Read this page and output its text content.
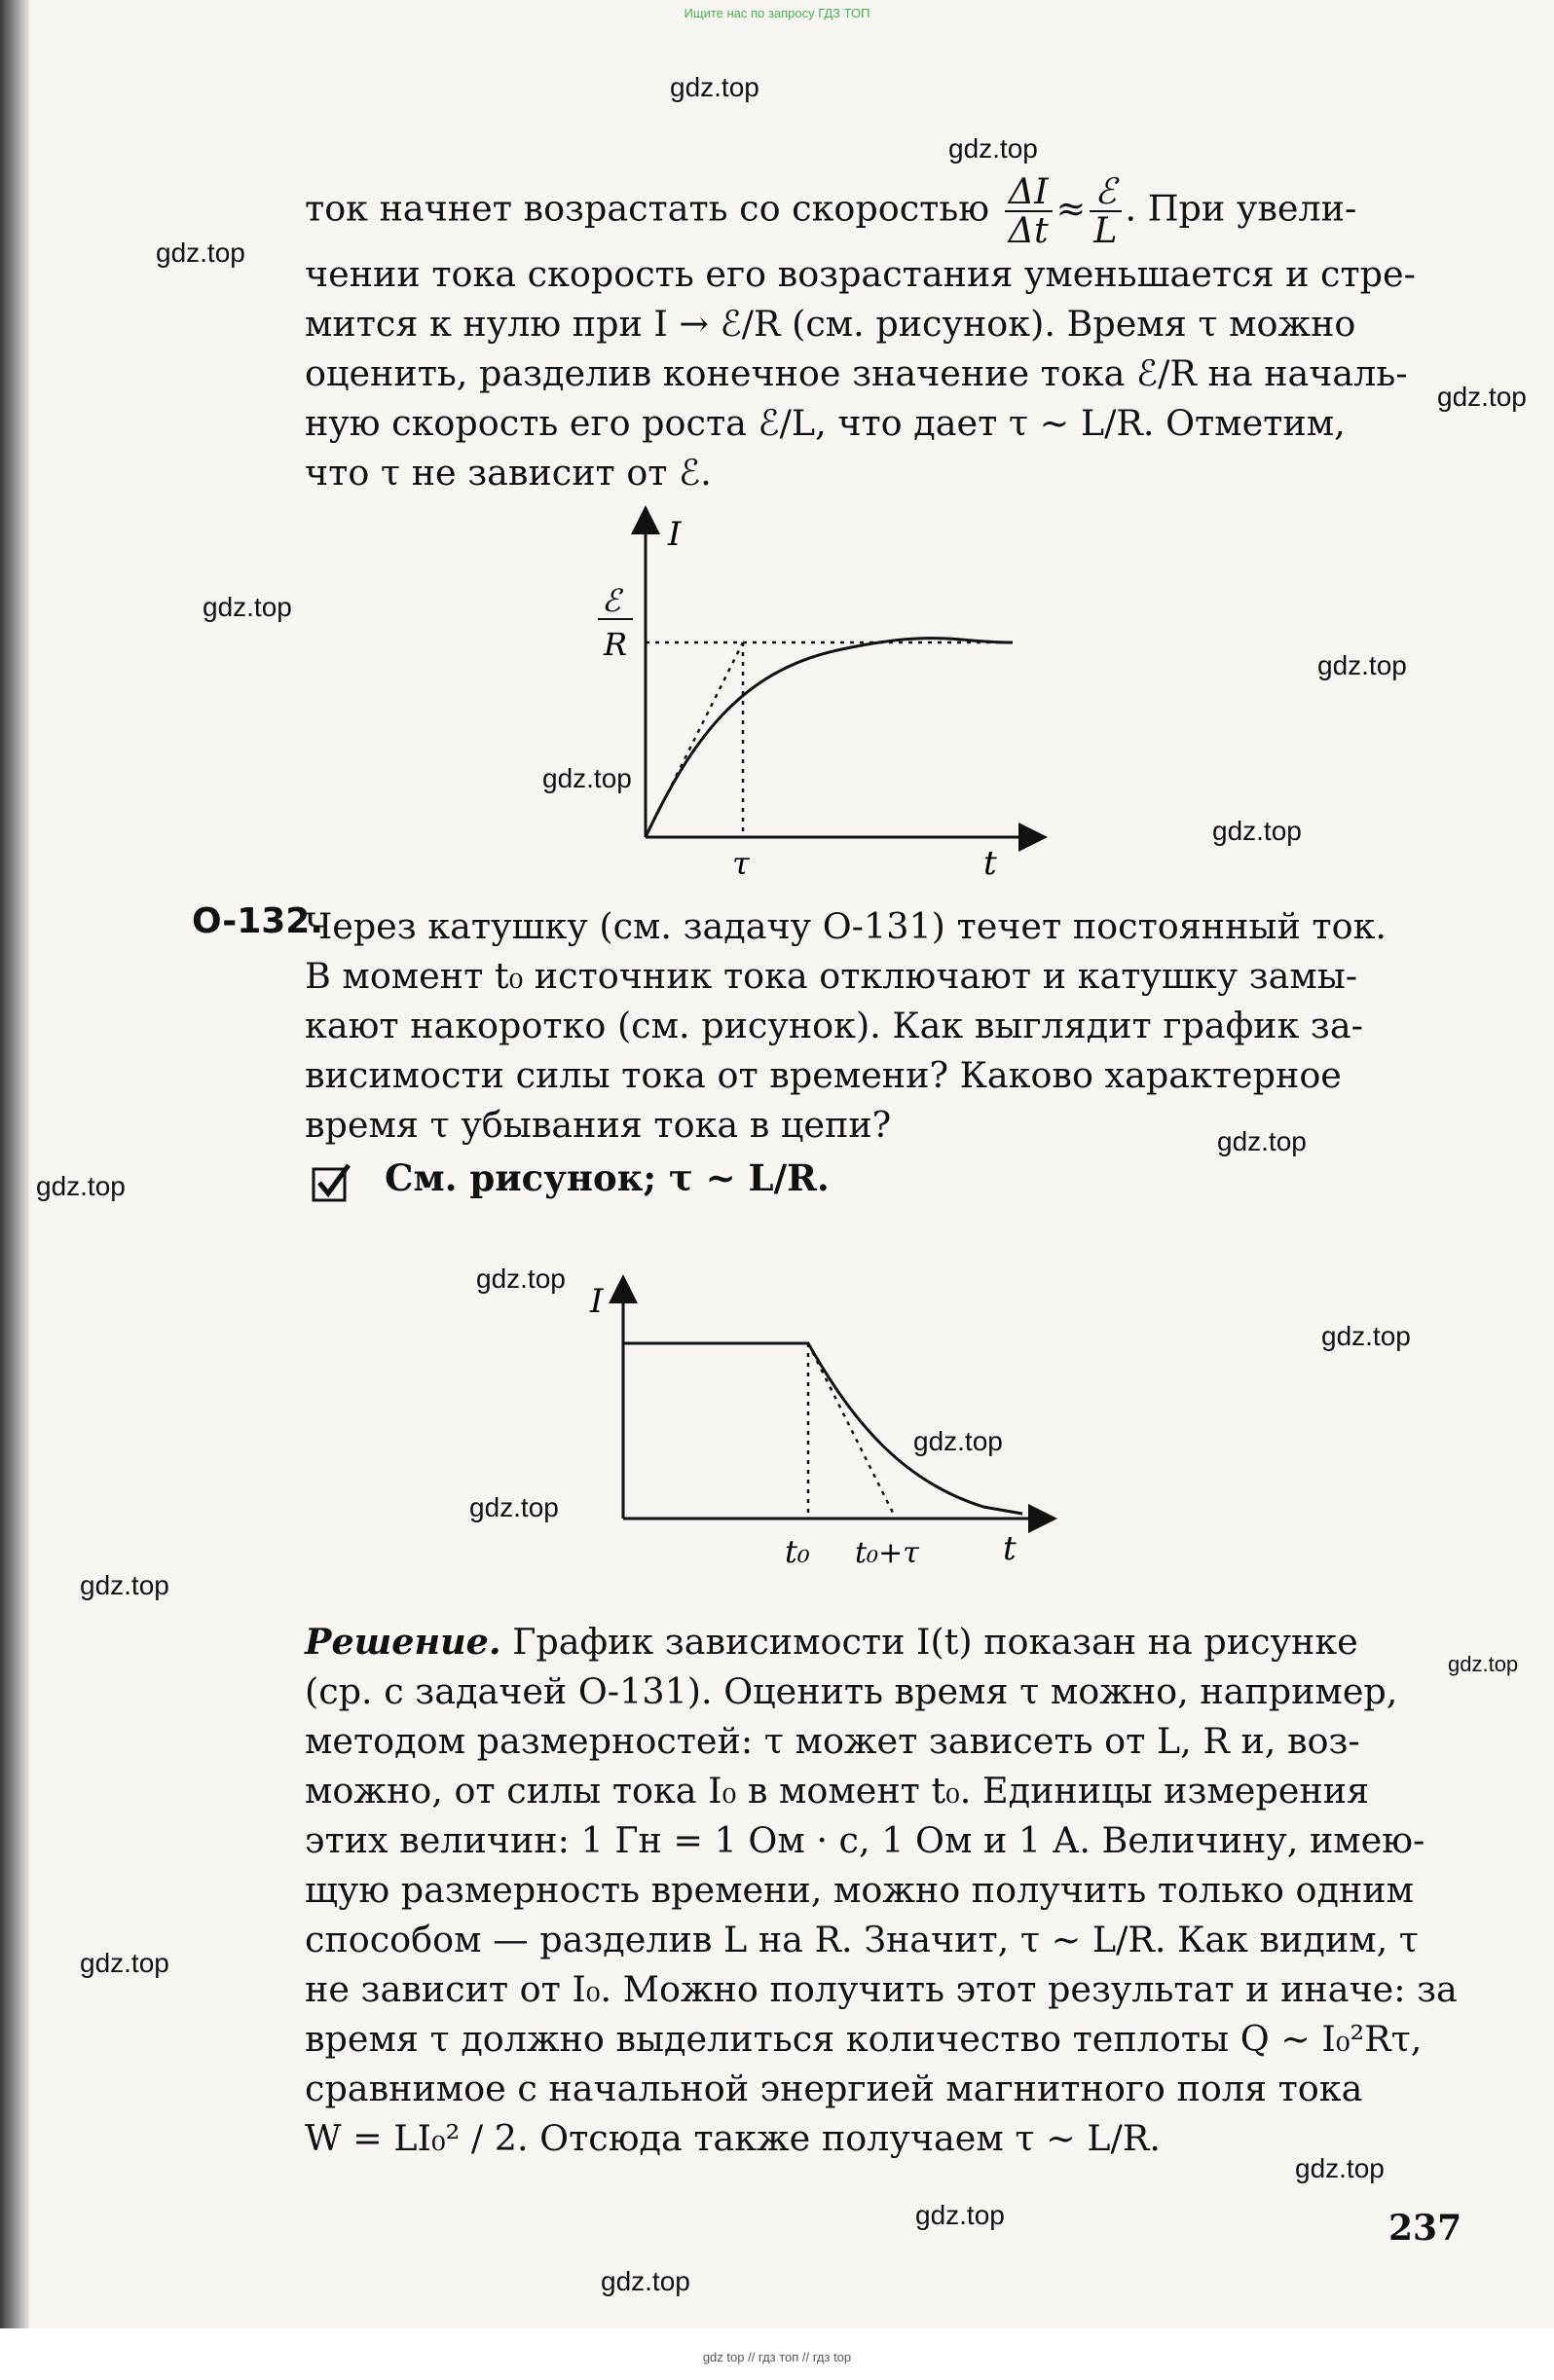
Ищите нас по запросу ГДЗ ТОП
gdz.top
gdz.top
gdz.top
gdz.top
gdz.top
gdz.top
gdz.top
gdz.top
gdz.top
gdz.top
gdz.top
gdz.top
gdz.top
gdz.top
gdz.top
gdz.top
gdz.top
gdz.top
gdz.top
gdz.top
ток начнет возрастать со скоростью $\frac{\Delta I}{\Delta t} \approx \frac{\text{ℰ}}{L}$ . При увели-
чении тока скорость его возрастания уменьшается и стре-
мится к нулю при I → ℰ/R (см. рисунок). Время τ можно
оценить, разделив конечное значение тока ℰ/R на началь-
ную скорость его роста ℰ/L, что дает τ ~ L/R. Отметим,
что τ не зависит от ℰ.
I
ℰ
R
τ	t
O-132.
Через катушку (см. задачу О-131) течет постоянный ток.
В момент t₀ источник тока отключают и катушку замы-
кают накоротко (см. рисунок). Как выглядит график за-
висимости силы тока от времени? Каково характерное
время τ убывания тока в цепи?
См. рисунок; τ ~ L/R.
I
t₀ t₀+τ	t
Решение. График зависимости I(t) показан на рисунке
(ср. с задачей О-131). Оценить время τ можно, например,
методом размерностей: τ может зависеть от L, R и, воз-
можно, от силы тока I₀ в момент t₀. Единицы измерения
этих величин: 1 Гн = 1 Ом · с, 1 Ом и 1 А. Величину, имею-
щую размерность времени, можно получить только одним
способом — разделив L на R. Значит, τ ~ L/R. Как видим, τ
не зависит от I₀. Можно получить этот результат и иначе: за
время τ должно выделиться количество теплоты Q ~ I₀²Rτ,
сравнимое с начальной энергией магнитного поля тока
W = LI₀² / 2. Отсюда также получаем τ ~ L/R.
237
gdz top // гдз топ // гдз top
